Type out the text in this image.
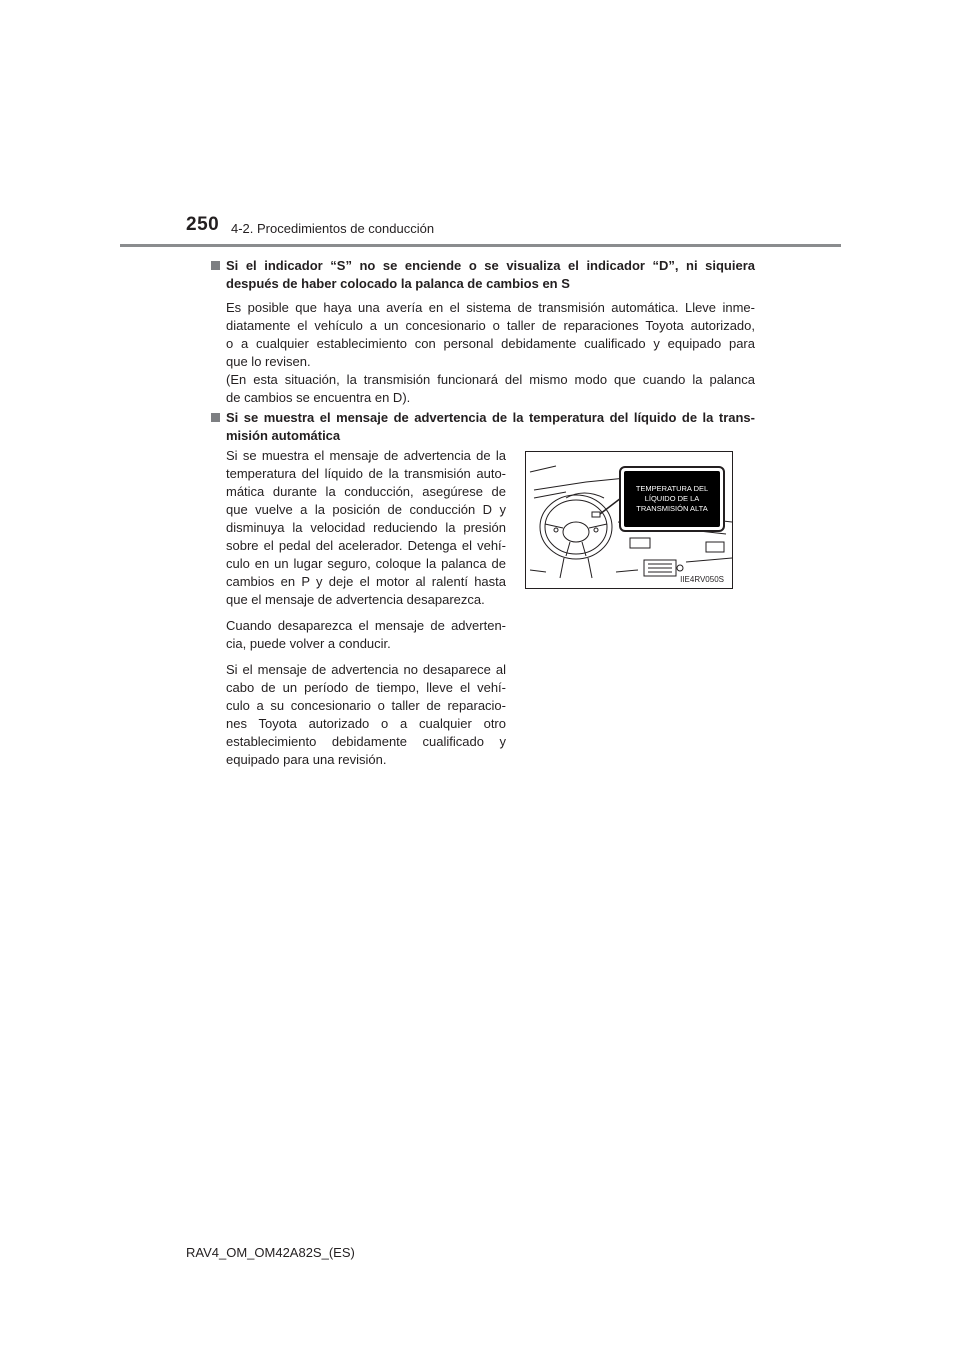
250 4-2. Procedimientos de conducción
Si el indicador “S” no se enciende o se visualiza el indicador “D”, ni siquiera
después de haber colocado la palanca de cambios en S
Es posible que haya una avería en el sistema de transmisión automática. Lleve inme-
diatamente el vehículo a un concesionario o taller de reparaciones Toyota autorizado,
o a cualquier establecimiento con personal debidamente cualificado y equipado para
que lo revisen.
(En esta situación, la transmisión funcionará del mismo modo que cuando la palanca
de cambios se encuentra en D).
Si se muestra el mensaje de advertencia de la temperatura del líquido de la trans-
misión automática
Si se muestra el mensaje de advertencia de la
temperatura del líquido de la transmisión auto-
mática durante la conducción, asegúrese de
que vuelve a la posición de conducción D y
disminuya la velocidad reduciendo la presión
sobre el pedal del acelerador. Detenga el vehí-
culo en un lugar seguro, coloque la palanca de
cambios en P y deje el motor al ralentí hasta
que el mensaje de advertencia desaparezca.
Cuando desaparezca el mensaje de adverten-
cia, puede volver a conducir.
Si el mensaje de advertencia no desaparece al
cabo de un período de tiempo, lleve el vehí-
culo a su concesionario o taller de reparacio-
nes Toyota autorizado o a cualquier otro
establecimiento debidamente cualificado y
equipado para una revisión.
TEMPERATURA DEL
LÍQUIDO DE LA
TRANSMISIÓN ALTA
IIE4RV050S
RAV4_OM_OM42A82S_(ES)
